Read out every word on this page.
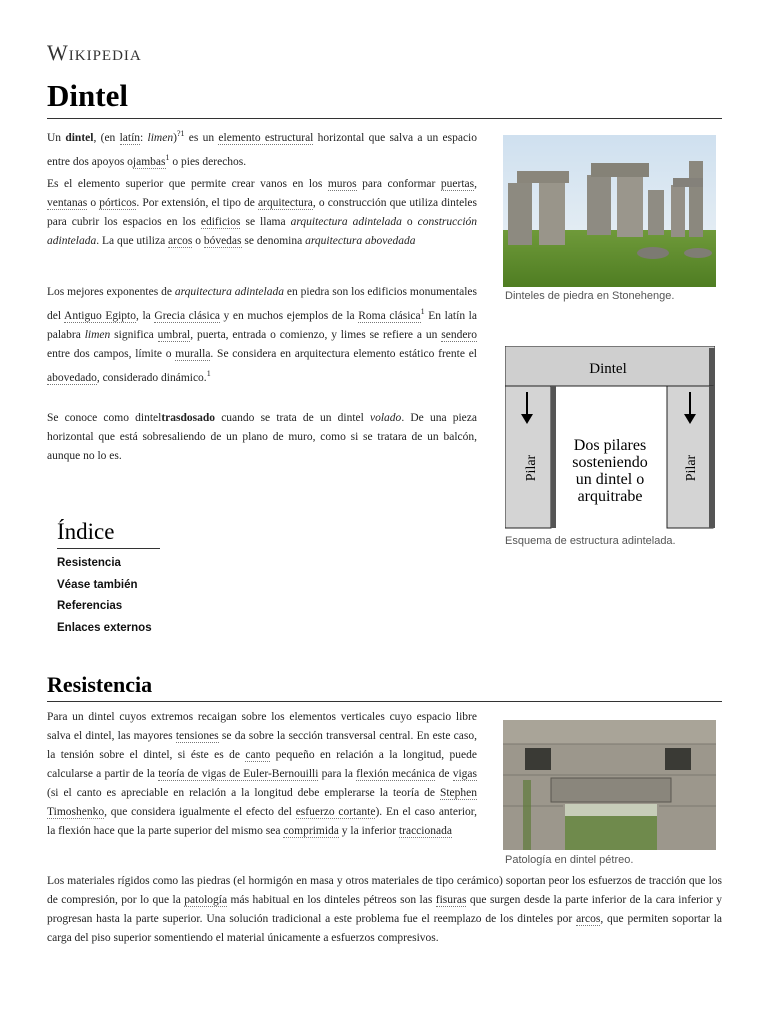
Wikipedia
Dintel
Un dintel, (en latín: limen)$^{?1}$ es un elemento estructural horizontal que salva a un espacio entre dos apoyos ojambas$^1$ o pies derechos.
Es el elemento superior que permite crear vanos en los muros para conformar puertas, ventanas o pórticos. Por extensión, el tipo de arquitectura, o construcción que utiliza dinteles para cubrir los espacios en los edificios se llama arquitectura adintelada o construcción adintelada. La que utiliza arcos o bóvedas se denomina arquitectura abovedada
Los mejores exponentes de arquitectura adintelada en piedra son los edificios monumentales del Antiguo Egipto, la Grecia clásica y en muchos ejemplos de la Roma clásica$^1$ En latín la palabra limen significa umbral, puerta, entrada o comienzo, y limes se refiere a un sendero entre dos campos, límite o muralla. Se considera en arquitectura elemento estático frente el abovedado, considerado dinámico.$^1$
Se conoce como dinteltrasdosado cuando se trata de un dintel volado. De una pieza horizontal que está sobresaliendo de un plano de muro, como si se tratara de un balcón, aunque no lo es.
Dinteles de piedra en Stonehenge.
Dintel
Pilar	Pilar
Dos pilares
sosteniendo
un dintel o
arquitrabe
Esquema de estructura adintelada.
Índice
Resistencia
Véase también
Referencias
Enlaces externos
Resistencia
Para un dintel cuyos extremos recaigan sobre los elementos verticales cuyo espacio libre salva el dintel, las mayores tensiones se da sobre la sección transversal central. En este caso, la tensión sobre el dintel, si éste es de canto pequeño en relación a la longitud, puede calcularse a partir de la teoría de vigas de Euler-Bernouilli para la flexión mecánica de vigas (si el canto es apreciable en relación a la longitud debe emplerarse la teoría de Stephen Timoshenko, que considera igualmente el efecto del esfuerzo cortante). En el caso anterior, la flexión hace que la parte superior del mismo sea comprimida y la inferior traccionada
Patología en dintel pétreo.
Los materiales rígidos como las piedras (el hormigón en masa y otros materiales de tipo cerámico) soportan peor los esfuerzos de tracción que los de compresión, por lo que la patología más habitual en los dinteles pétreos son las fisuras que surgen desde la parte inferior de la cara inferior y progresan hasta la parte superior. Una solución tradicional a este problema fue el reemplazo de los dinteles por arcos, que permiten soportar la carga del piso superior somentiendo el material únicamente a esfuerzos compresivos.
